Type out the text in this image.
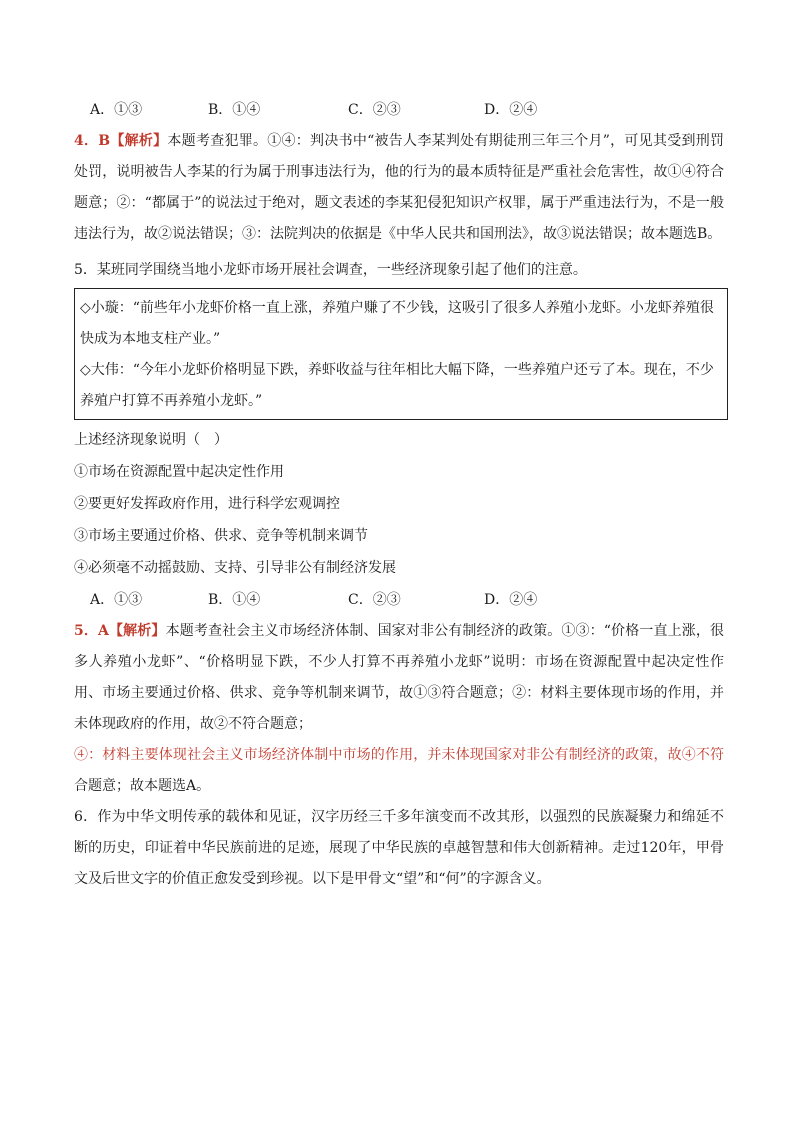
A．①③	B．①④	C．②③	D．②④
4．B【解析】本题考查犯罪。①④：判决书中“被告人李某判处有期徒刑三年三个月”，可见其受到刑罚处罚，说明被告人李某的行为属于刑事违法行为，他的行为的最本质特征是严重社会危害性，故①④符合题意；②：“都属于”的说法过于绝对，题文表述的李某犯侵犯知识产权罪，属于严重违法行为，不是一般违法行为，故②说法错误；③：法院判决的依据是《中华人民共和国刑法》，故③说法错误；故本题选B。
5．某班同学围绕当地小龙虾市场开展社会调查，一些经济现象引起了他们的注意。
◇小璇：“前些年小龙虾价格一直上涨，养殖户赚了不少钱，这吸引了很多人养殖小龙虾。小龙虾养殖很快成为本地支柱产业。”
◇大伟：“今年小龙虾价格明显下跌，养虾收益与往年相比大幅下降，一些养殖户还亏了本。现在，不少养殖户打算不再养殖小龙虾。”
上述经济现象说明（　）
①市场在资源配置中起决定性作用
②要更好发挥政府作用，进行科学宏观调控
③市场主要通过价格、供求、竞争等机制来调节
④必须毫不动摇鼓励、支持、引导非公有制经济发展
A．①③	B．①④	C．②③	D．②④
5．A【解析】本题考查社会主义市场经济体制、国家对非公有制经济的政策。①③：“价格一直上涨，很多人养殖小龙虾”、“价格明显下跌，不少人打算不再养殖小龙虾”说明：市场在资源配置中起决定性作用、市场主要通过价格、供求、竞争等机制来调节，故①③符合题意；②：材料主要体现市场的作用，并未体现政府的作用，故②不符合题意；
④：材料主要体现社会主义市场经济体制中市场的作用，并未体现国家对非公有制经济的政策，故④不符合题意；故本题选A。
6．作为中华文明传承的载体和见证，汉字历经三千多年演变而不改其形，以强烈的民族凝聚力和绵延不断的历史，印证着中华民族前进的足迹，展现了中华民族的卓越智慧和伟大创新精神。走过120年，甲骨文及后世文字的价值正愈发受到珍视。以下是甲骨文“望”和“何”的字源含义。
